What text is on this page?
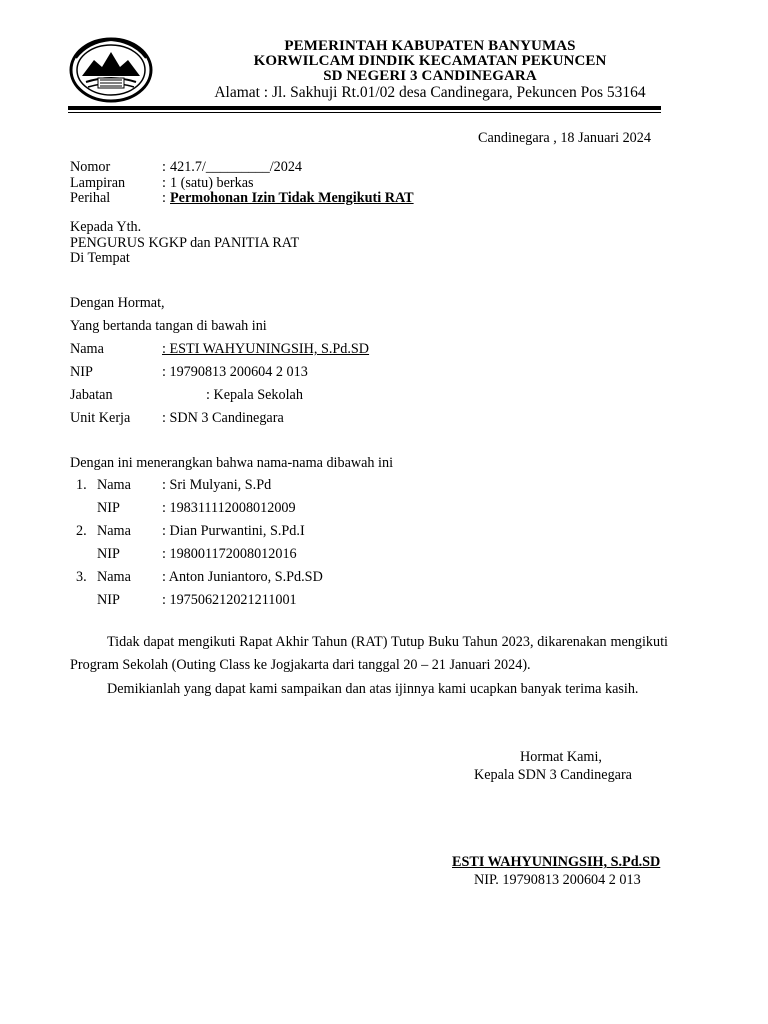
PEMERINTAH KABUPATEN BANYUMAS
KORWILCAM DINDIK KECAMATAN PEKUNCEN
SD NEGERI 3 CANDINEGARA
Alamat : Jl. Sakhuji Rt.01/02 desa Candinegara, Pekuncen Pos 53164
Candinegara , 18 Januari 2024
Nomor	: 421.7/_________/2024
Lampiran	: 1 (satu) berkas
Perihal	: Permohonan Izin Tidak Mengikuti RAT
Kepada Yth.
PENGURUS KGKP dan PANITIA RAT
Di Tempat
Dengan Hormat,
Yang bertanda tangan di bawah ini
Nama	: ESTI WAHYUNINGSIH, S.Pd.SD
NIP	: 19790813 200604 2 013
Jabatan	: Kepala Sekolah
Unit Kerja : SDN 3 Candinegara
Dengan ini menerangkan bahwa nama-nama dibawah ini
1. Nama : Sri Mulyani, S.Pd
NIP	: 198311112008012009
2. Nama : Dian Purwantini, S.Pd.I
NIP	: 198001172008012016
3. Nama : Anton Juniantoro, S.Pd.SD
NIP	: 197506212021211001
Tidak dapat mengikuti Rapat Akhir Tahun (RAT) Tutup Buku Tahun 2023, dikarenakan mengikuti Program Sekolah (Outing Class ke Jogjakarta dari tanggal 20 – 21 Januari 2024).
Demikianlah yang dapat kami sampaikan dan atas ijinnya kami ucapkan banyak terima kasih.
Hormat Kami,
Kepala SDN 3 Candinegara
ESTI WAHYUNINGSIH, S.Pd.SD
NIP. 19790813 200604 2 013
